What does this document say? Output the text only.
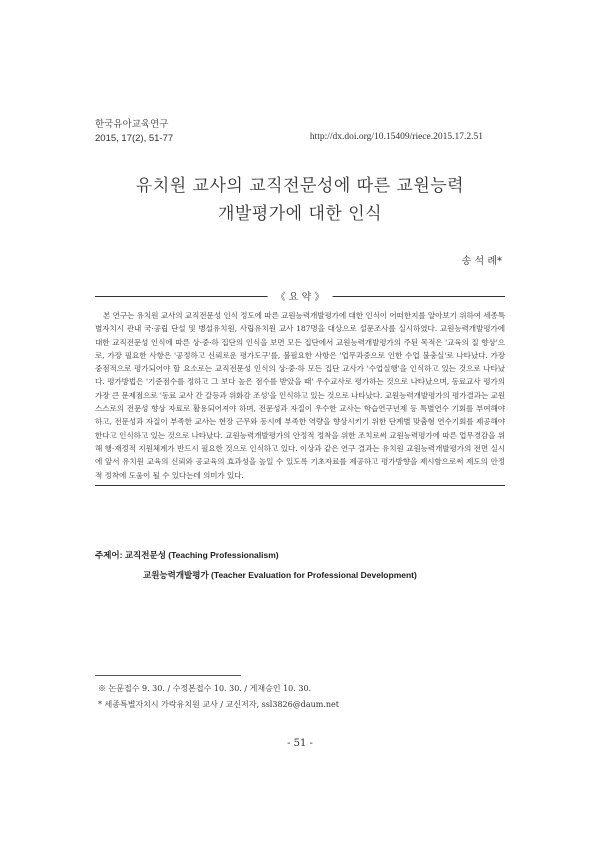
한국유아교육연구
2015, 17(2), 51-77	http://dx.doi.org/10.15409/riece.2015.17.2.51
유치원 교사의 교직전문성에 따른 교원능력
개발평가에 대한 인식
송 석 례*
《 요 약 》

본 연구는 유치원 교사의 교직전문성 인식 정도에 따른 교원능력개발평가에 대한 인식이 어떠한지를 알아보기 위하여 세종특별자치시 관내 국·공립 단설 및 병설유치원, 사립유치원 교사 187명을 대상으로 설문조사를 실시하였다. 교원능력개발평가에 대한 교직전문성 인식에 따른 상·중·하 집단의 인식을 보면 모든 집단에서 교원능력개발평가의 주된 목적은 '교육의 질 향상'으로, 가장 필요한 사항은 '공정하고 신뢰로운 평가도구'를, 불필요한 사항은 '업무과중으로 인한 수업 불충실'로 나타났다. 가장 중점적으로 평가되어야 할 요소로는 교직전문성 인식의 상·중·하 모든 집단 교사가 '수업실행'을 인식하고 있는 것으로 나타났다. 평가방법은 '기준점수를 정하고 그 보다 높은 점수를 받았을 때' 우수교사로 평가하는 것으로 나타났으며, 동료교사 평가의 가장 큰 문제점으로 '동료 교사 간 갈등과 위화감 조성'을 인식하고 있는 것으로 나타났다. 교원능력개발평가의 평가결과는 교원 스스로의 전문성 향상 자료로 활용되어져야 하며, 전문성과 자질이 우수한 교사는 학습연구년제 등 특별연수 기회를 부여해야 하고, 전문성과 자질이 부족한 교사는 현장 근무와 동시에 부족한 역량을 향상시키기 위한 단계별 맞춤형 연수기회를 제공해야 한다고 인식하고 있는 것으로 나타났다. 교원능력개발평가의 안정적 정착을 위한 조치로써 교원능력평가에 따른 업무경감을 위해 행·재정적 지원체계가 반드시 필요한 것으로 인식하고 있다. 이상과 같은 연구 결과는 유치원 교원능력개발평가의 전면 실시에 앞서 유치원 교육의 신뢰와 공교육의 효과성을 높일 수 있도록 기초자료를 제공하고 평가방향을 제시함으로써 제도의 안정적 정착에 도움이 될 수 있다는데 의미가 있다.

주제어: 교직전문성 (Teaching Professionalism)
교원능력개발평가 (Teacher Evaluation for Professional Development)
※ 논문접수 9. 30. / 수정본접수 10. 30. / 게재승인 10. 30.
* 세종특별자치시 가락유치원 교사 / 교신저자, ssl3826@daum.net
- 51 -
